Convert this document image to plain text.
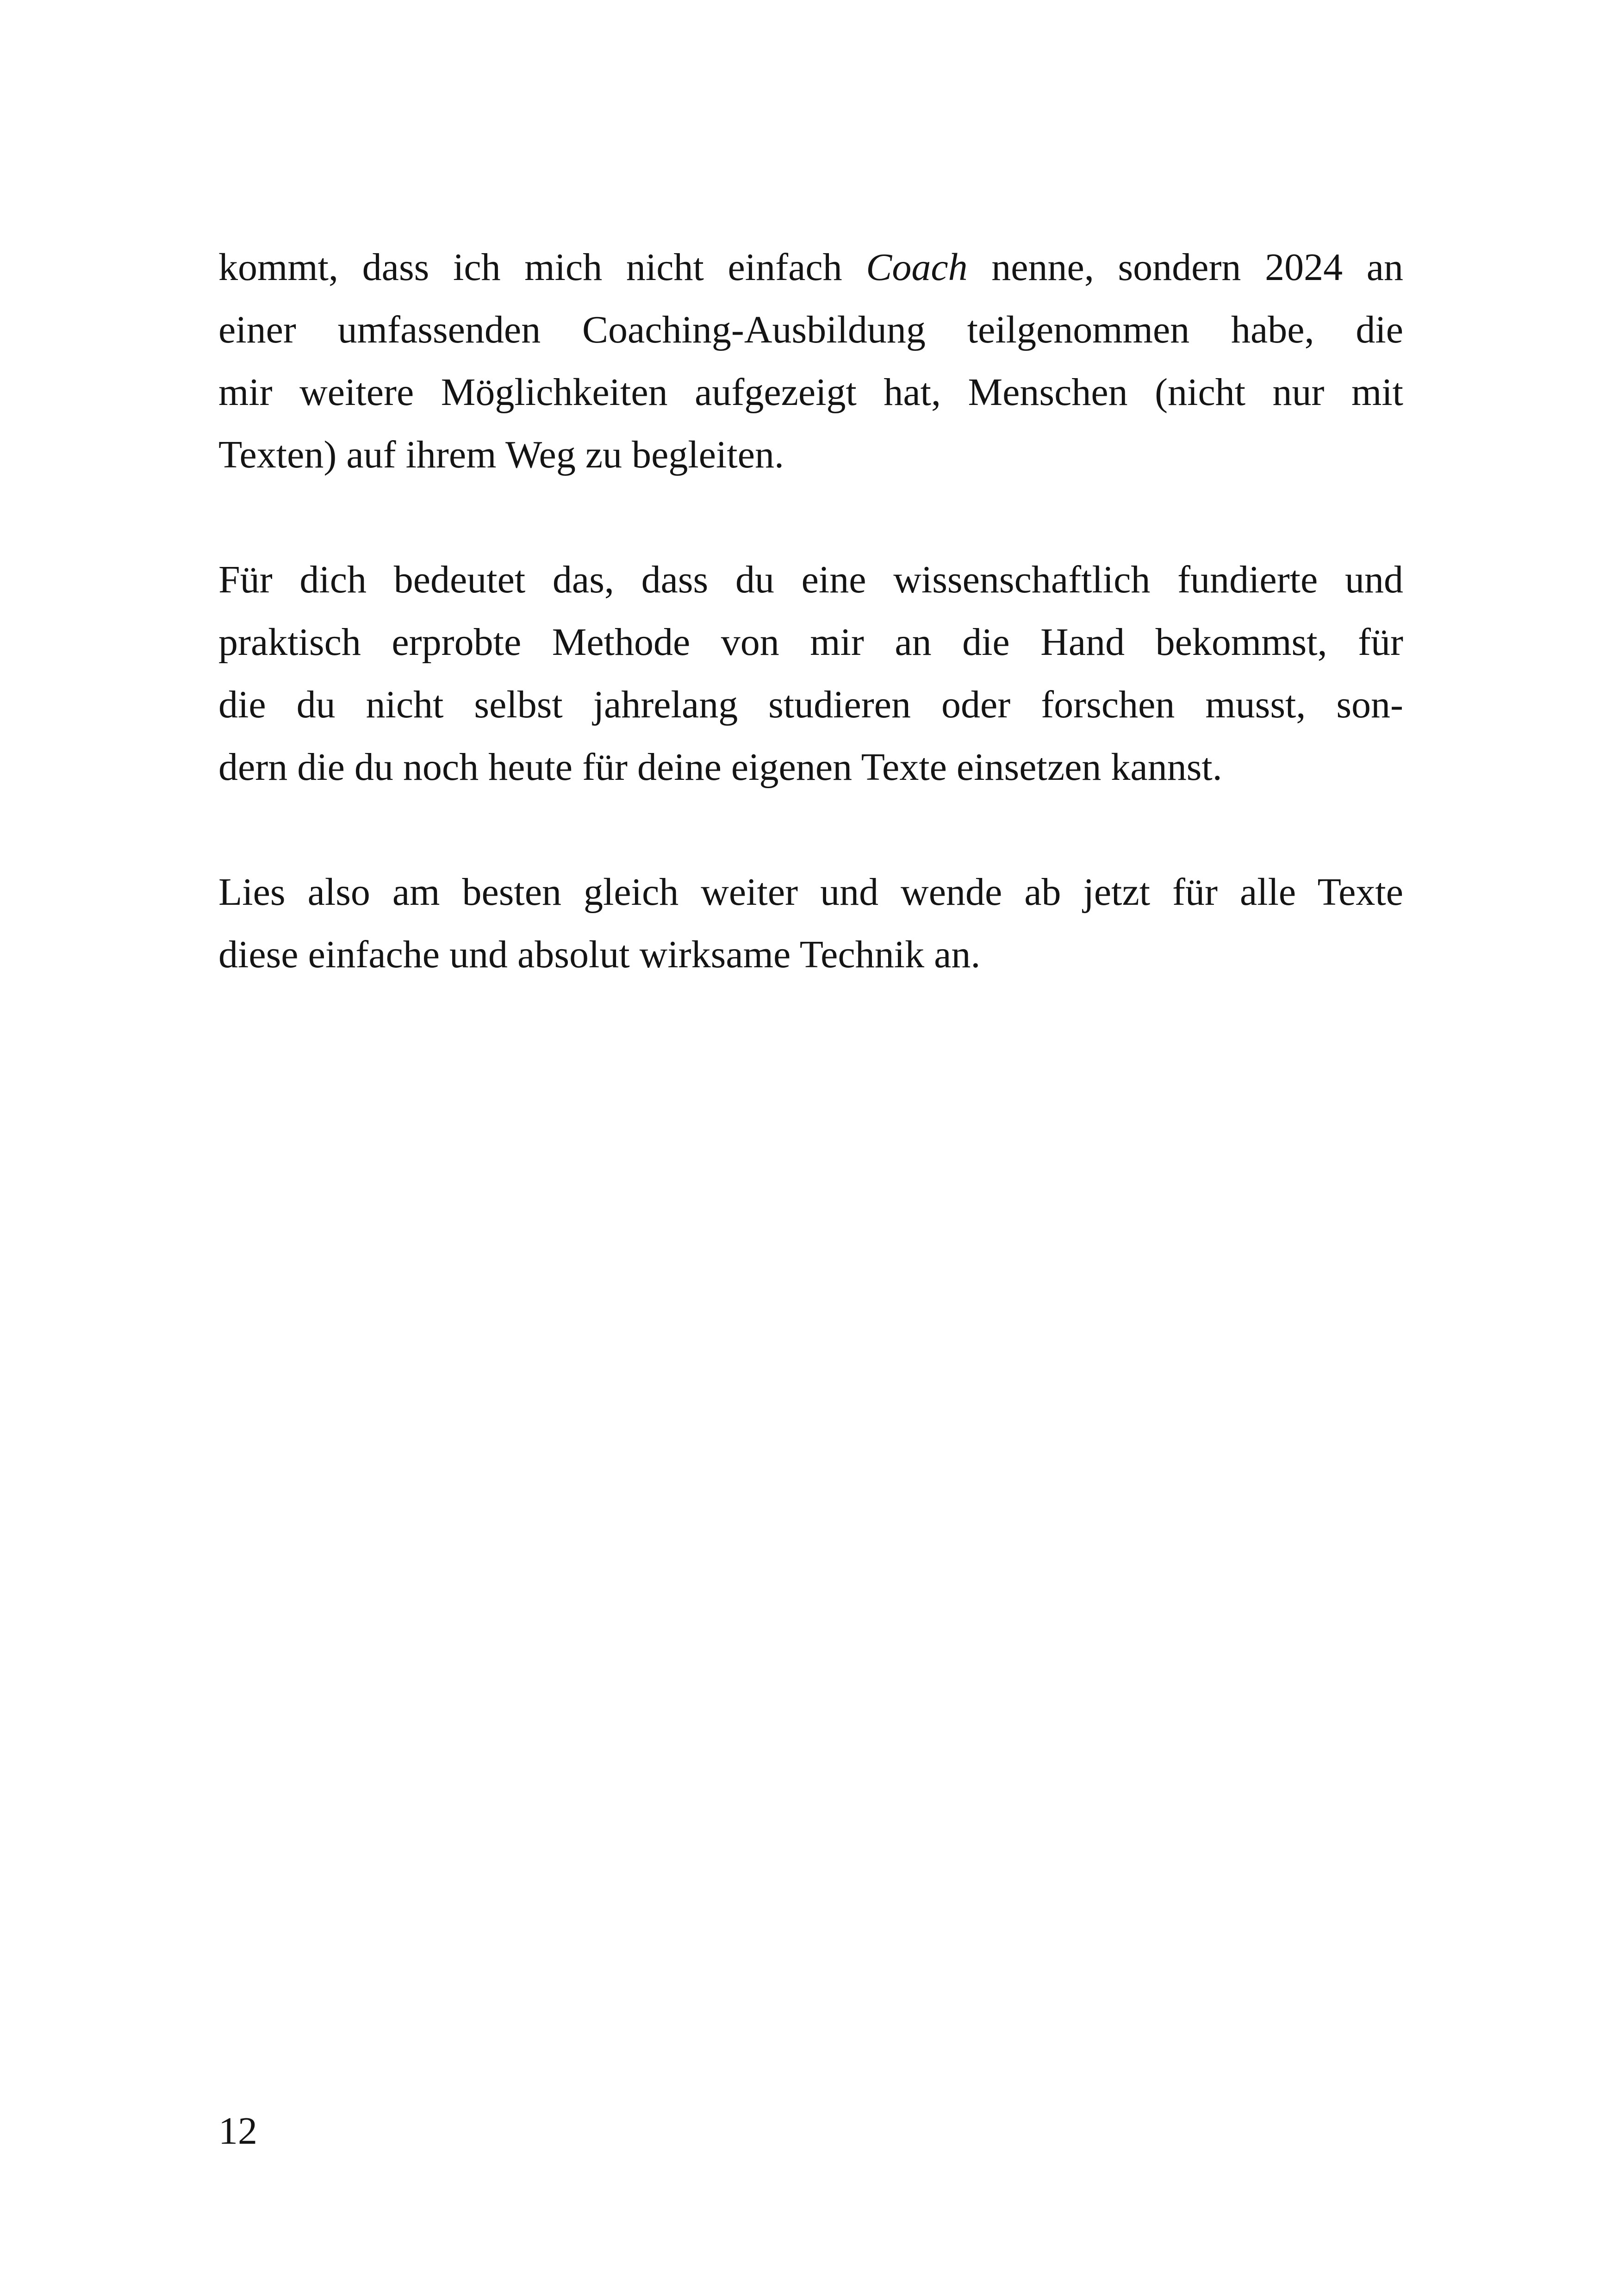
kommt, dass ich mich nicht einfach Coach nenne, sondern 2024 an
einer umfassenden Coaching-Ausbildung teilgenommen habe, die
mir weitere Möglichkeiten aufgezeigt hat, Menschen (nicht nur mit
Texten) auf ihrem Weg zu begleiten.

Für dich bedeutet das, dass du eine wissenschaftlich fundierte und
praktisch erprobte Methode von mir an die Hand bekommst, für
die du nicht selbst jahrelang studieren oder forschen musst, son-
dern die du noch heute für deine eigenen Texte einsetzen kannst.

Lies also am besten gleich weiter und wende ab jetzt für alle Texte
diese einfache und absolut wirksame Technik an.

12
